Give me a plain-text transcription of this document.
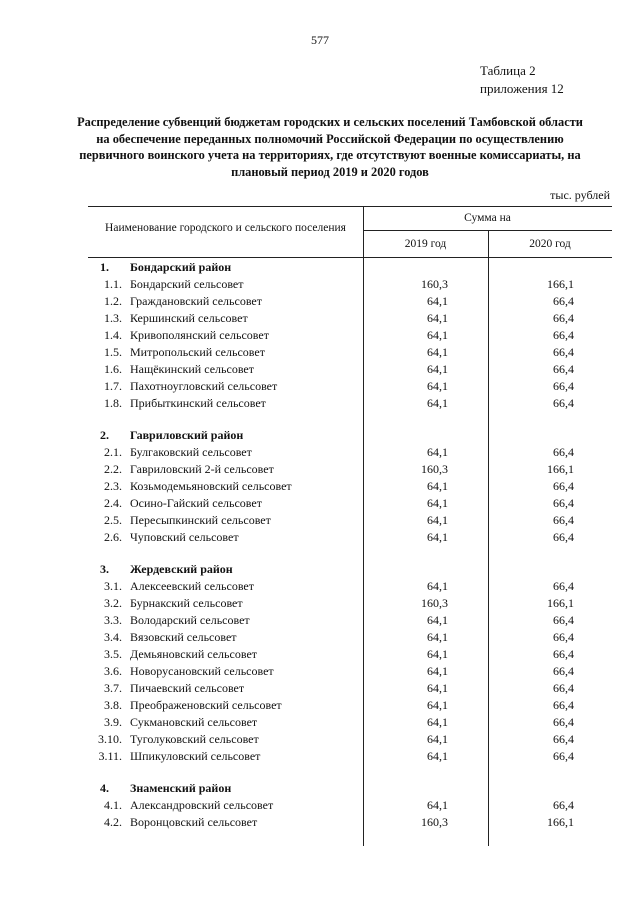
577
Таблица 2
приложения 12
Распределение субвенций бюджетам городских и сельских поселений Тамбовской области на обеспечение переданных полномочий Российской Федерации по осуществлению первичного воинского учета на территориях, где отсутствуют военные комиссариаты, на плановый период 2019 и 2020 годов
тыс. рублей
Наименование городского и сельского поселения
Сумма на
2019 год	2020 год
1.	Бондарский район
1.1. Бондарский сельсовет	160,3	166,1
1.2. Граждановский сельсовет	64,1	66,4
1.3. Кершинский сельсовет	64,1	66,4
1.4. Кривополянский сельсовет	64,1	66,4
1.5. Митропольский сельсовет	64,1	66,4
1.6. Нащёкинский сельсовет	64,1	66,4
1.7. Пахотноугловский сельсовет	64,1	66,4
1.8. Прибыткинский сельсовет	64,1	66,4
2.	Гавриловский район
2.1. Булгаковский сельсовет	64,1	66,4
2.2. Гавриловский 2-й сельсовет	160,3	166,1
2.3. Козьмодемьяновский сельсовет	64,1	66,4
2.4. Осино-Гайский сельсовет	64,1	66,4
2.5. Пересыпкинский сельсовет	64,1	66,4
2.6. Чуповский сельсовет	64,1	66,4
3.	Жердевский район
3.1. Алексеевский сельсовет	64,1	66,4
3.2. Бурнакский сельсовет	160,3	166,1
3.3. Володарский сельсовет	64,1	66,4
3.4. Вязовский сельсовет	64,1	66,4
3.5. Демьяновский сельсовет	64,1	66,4
3.6. Новорусановский сельсовет	64,1	66,4
3.7. Пичаевский сельсовет	64,1	66,4
3.8. Преображеновский сельсовет	64,1	66,4
3.9. Сукмановский сельсовет	64,1	66,4
3.10. Туголуковский сельсовет	64,1	66,4
3.11. Шпикуловский сельсовет	64,1	66,4
4.	Знаменский район
4.1. Александровский сельсовет	64,1	66,4
4.2. Воронцовский сельсовет	160,3	166,1
